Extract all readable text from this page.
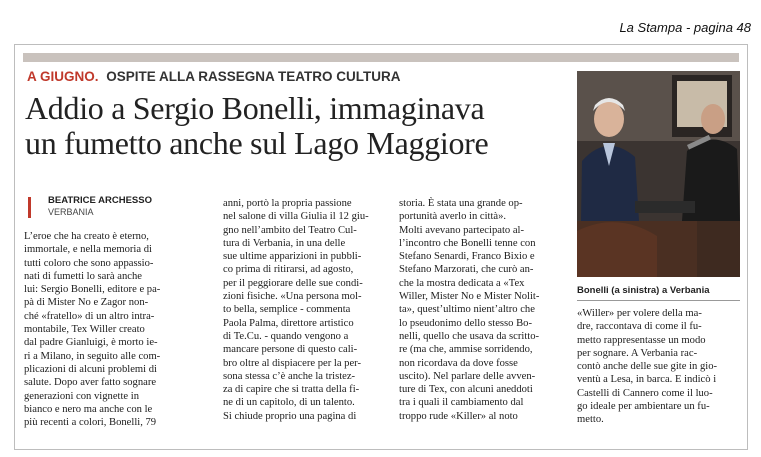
La Stampa - pagina 48
A GIUGNO. OSPITE ALLA RASSEGNA TEATRO CULTURA
Addio a Sergio Bonelli, immaginava
un fumetto anche sul Lago Maggiore
Bonelli (a sinistra) a Verbania
BEATRICE ARCHESSO
VERBANIA
L’eroe che ha creato è eterno,
immortale, e nella memoria di
tutti coloro che sono appassio-
nati di fumetti lo sarà anche
lui: Sergio Bonelli, editore e pa-
pà di Mister No e Zagor non-
ché «fratello» di un altro intra-
montabile, Tex Willer creato
dal padre Gianluigi, è morto ie-
ri a Milano, in seguito alle com-
plicazioni di alcuni problemi di
salute. Dopo aver fatto sognare
generazioni con vignette in
bianco e nero ma anche con le
più recenti a colori, Bonelli, 79
anni, portò la propria passione
nel salone di villa Giulia il 12 giu-
gno nell’ambito del Teatro Cul-
tura di Verbania, in una delle
sue ultime apparizioni in pubbli-
co prima di ritirarsi, ad agosto,
per il peggiorare delle sue condi-
zioni fisiche. «Una persona mol-
to bella, semplice - commenta
Paola Palma, direttore artistico
di Te.Cu. - quando vengono a
mancare persone di questo cali-
bro oltre al dispiacere per la per-
sona stessa c’è anche la tristez-
za di capire che si tratta della fi-
ne di un capitolo, di un talento.
Si chiude proprio una pagina di
storia. È stata una grande op-
portunità averlo in città».
Molti avevano partecipato al-
l’incontro che Bonelli tenne con
Stefano Senardi, Franco Bixio e
Stefano Marzorati, che curò an-
che la mostra dedicata a «Tex
Willer, Mister No e Mister Nolit-
ta», quest’ultimo nient’altro che
lo pseudonimo dello stesso Bo-
nelli, quello che usava da scritto-
re (ma che, ammise sorridendo,
non ricordava da dove fosse
uscito). Nel parlare delle avven-
ture di Tex, con alcuni aneddoti
tra i quali il cambiamento dal
troppo rude «Killer» al noto
«Willer» per volere della ma-
dre, raccontava di come il fu-
metto rappresentasse un modo
per sognare. A Verbania rac-
contò anche delle sue gite in gio-
ventù a Lesa, in barca. E indicò i
Castelli di Cannero come il luo-
go ideale per ambientare un fu-
metto.
